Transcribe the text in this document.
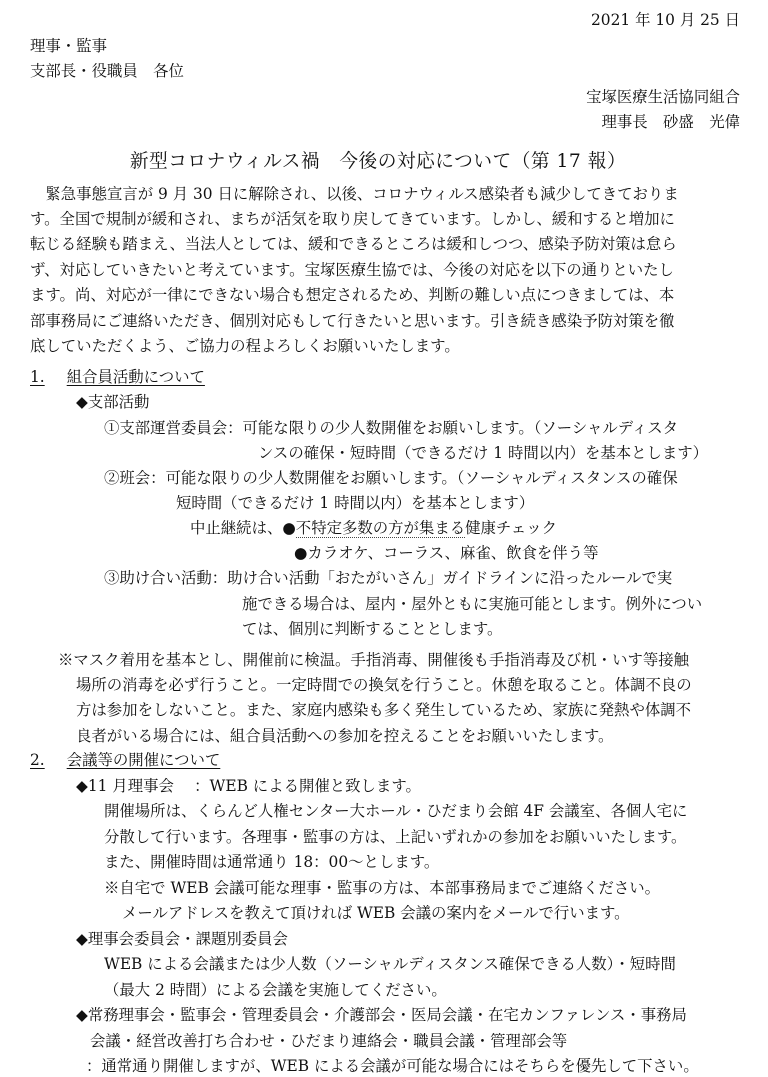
2021 年 10 月 25 日
理事・監事
支部長・役職員　各位
宝塚医療生活協同組合
理事長　砂盛　光偉
新型コロナウィルス禍　今後の対応について（第 17 報）
　緊急事態宣言が 9 月 30 日に解除され、以後、コロナウィルス感染者も減少してきておりま
す。全国で規制が緩和され、まちが活気を取り戻してきています。しかし、緩和すると増加に
転じる経験も踏まえ、当法人としては、緩和できるところは緩和しつつ、感染予防対策は怠ら
ず、対応していきたいと考えています。宝塚医療生協では、今後の対応を以下の通りといたし
ます。尚、対応が一律にできない場合も想定されるため、判断の難しい点につきましては、本
部事務局にご連絡いただき、個別対応もして行きたいと思います。引き続き感染予防対策を徹
底していただくよう、ご協力の程よろしくお願いいたします。
1. 組合員活動について
◆支部活動
①支部運営委員会：可能な限りの少人数開催をお願いします。（ソーシャルディスタ
ンスの確保・短時間（できるだけ 1 時間以内）を基本とします）
②班会：可能な限りの少人数開催をお願いします。（ソーシャルディスタンスの確保
短時間（できるだけ 1 時間以内）を基本とします）
中止継続は、●不特定多数の方が集まる健康チェック
●カラオケ、コーラス、麻雀、飲食を伴う等
③助け合い活動：助け合い活動「おたがいさん」ガイドラインに沿ったルールで実
施できる場合は、屋内・屋外ともに実施可能とします。例外につい
ては、個別に判断することとします。
※マスク着用を基本とし、開催前に検温。手指消毒、開催後も手指消毒及び机・いす等接触
場所の消毒を必ず行うこと。一定時間での換気を行うこと。休憩を取ること。体調不良の
方は参加をしないこと。また、家庭内感染も多く発生しているため、家族に発熱や体調不
良者がいる場合には、組合員活動への参加を控えることをお願いいたします。
2. 会議等の開催について
◆11 月理事会　 ：WEB による開催と致します。
開催場所は、くらんど人権センター大ホール・ひだまり会館 4F 会議室、各個人宅に
分散して行います。各理事・監事の方は、上記いずれかの参加をお願いいたします。
また、開催時間は通常通り 18：00～とします。
※自宅で WEB 会議可能な理事・監事の方は、本部事務局までご連絡ください。
メールアドレスを教えて頂ければ WEB 会議の案内をメールで行います。
◆理事会委員会・課題別委員会
WEB による会議または少人数（ソーシャルディスタンス確保できる人数）・短時間
（最大 2 時間）による会議を実施してください。
◆常務理事会・監事会・管理委員会・介護部会・医局会議・在宅カンファレンス・事務局
会議・経営改善打ち合わせ・ひだまり連絡会・職員会議・管理部会等
：通常通り開催しますが、WEB による会議が可能な場合にはそちらを優先して下さい。
